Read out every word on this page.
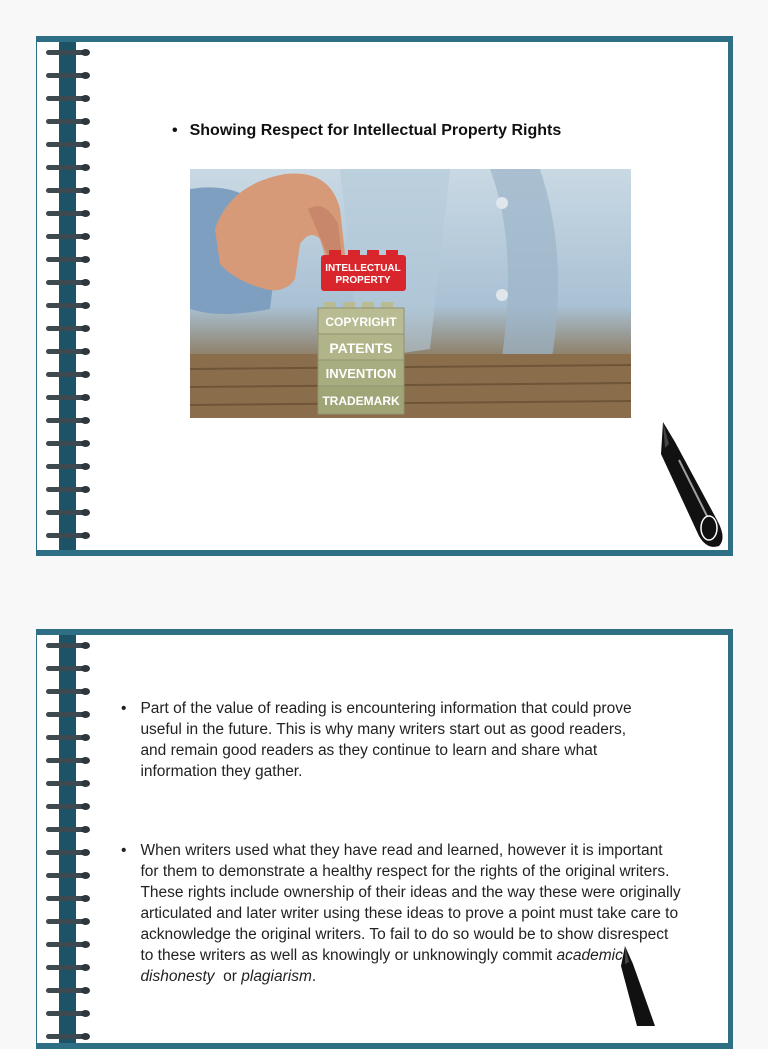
• Showing Respect for Intellectual Property Rights
INTELLECTUAL
PROPERTY
COPYRIGHT
PATENTS
INVENTION
TRADEMARK
• Part of the value of reading is encountering information that could prove useful in the future. This is why many writers start out as good readers, and remain good readers as they continue to learn and share what information they gather.
• When writers used what they have read and learned, however it is important for them to demonstrate a healthy respect for the rights of the original writers. These rights include ownership of their ideas and the way these were originally articulated and later writer using these ideas to prove a point must take care to acknowledge the original writers. To fail to do so would be to show disrespect to these writers as well as knowingly or unknowingly commit academic dishonesty  or plagiarism.
